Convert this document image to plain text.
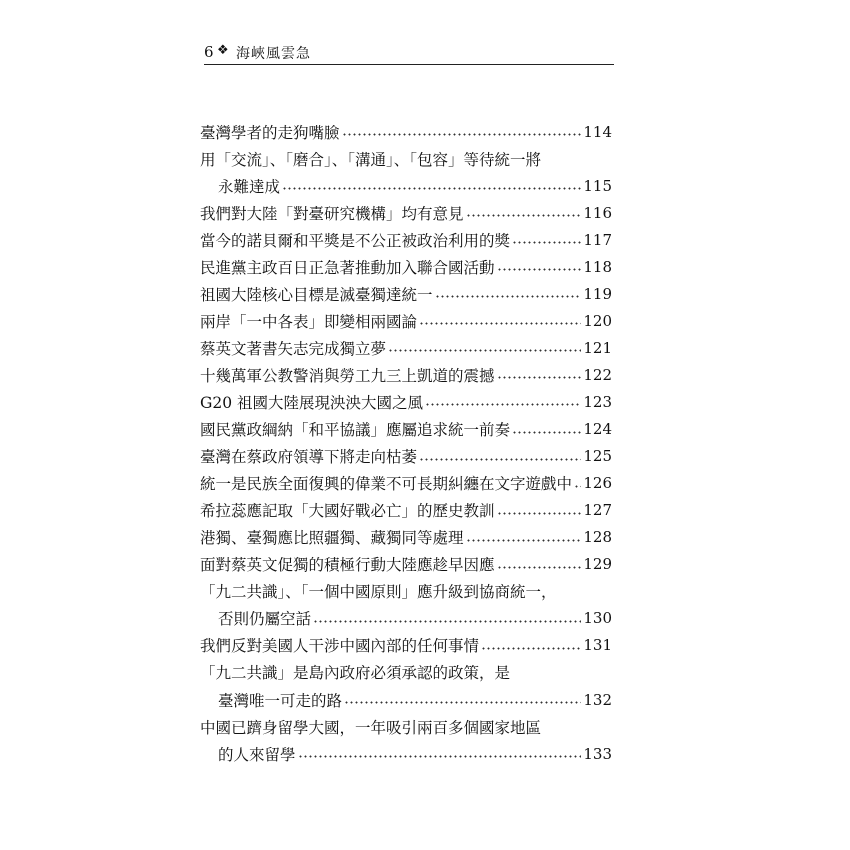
6 ❖ 海峽風雲急
臺灣學者的走狗嘴臉	114
用「交流」、「磨合」、「溝通」、「包容」等待統一將
永難達成	115
我們對大陸「對臺研究機構」均有意見	116
當今的諾貝爾和平獎是不公正被政治利用的獎	117
民進黨主政百日正急著推動加入聯合國活動	118
祖國大陸核心目標是滅臺獨達統一	119
兩岸「一中各表」即變相兩國論	120
蔡英文著書矢志完成獨立夢	121
十幾萬軍公教警消與勞工九三上凱道的震撼	122
G20 祖國大陸展現泱泱大國之風	123
國民黨政綱納「和平協議」應屬追求統一前奏	124
臺灣在蔡政府領導下將走向枯萎	125
統一是民族全面復興的偉業不可長期糾纏在文字遊戲中 126
希拉蕊應記取「大國好戰必亡」的歷史教訓	127
港獨、臺獨應比照疆獨、藏獨同等處理	128
面對蔡英文促獨的積極行動大陸應趁早因應	129
「九二共識」、「一個中國原則」應升級到協商統一，
否則仍屬空話	130
我們反對美國人干涉中國內部的任何事情	131
「九二共識」是島內政府必須承認的政策，是
臺灣唯一可走的路	132
中國已躋身留學大國，一年吸引兩百多個國家地區
的人來留學	133
